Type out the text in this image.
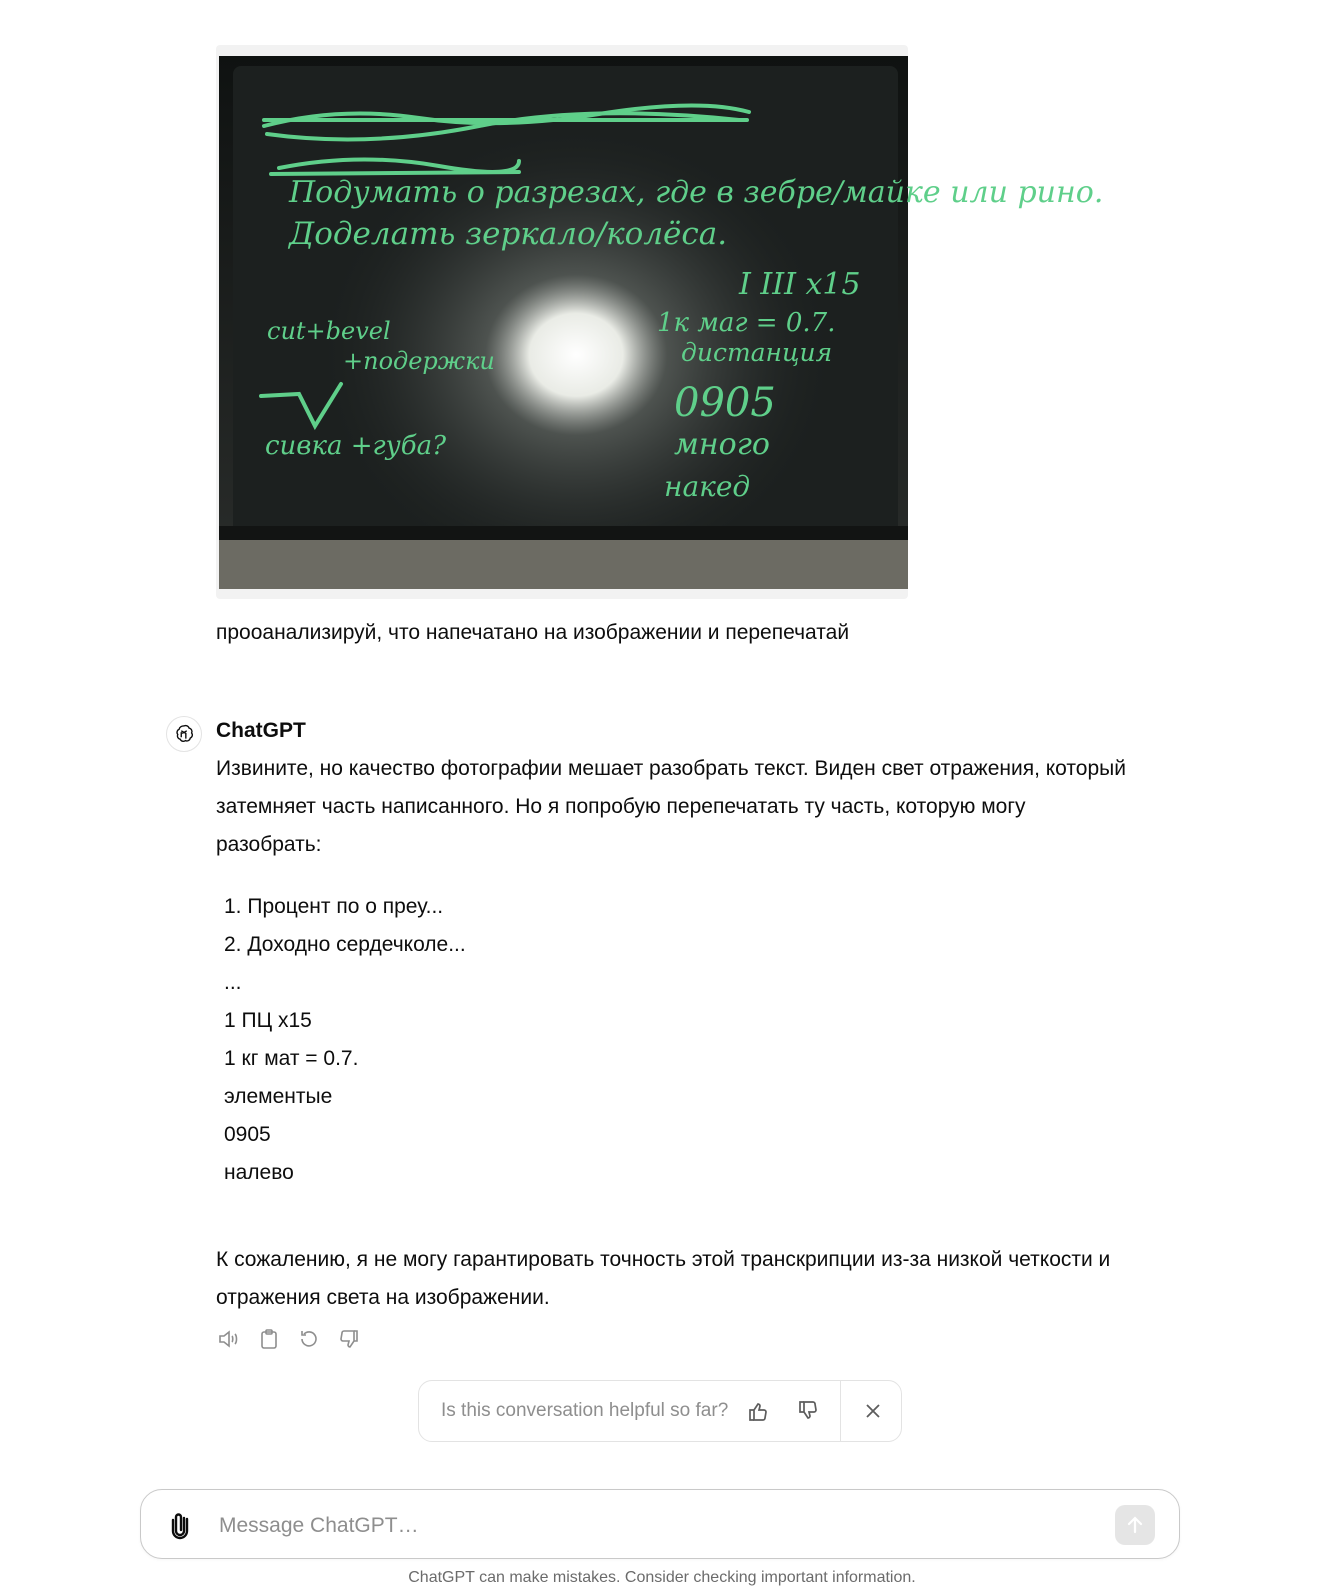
Подумать о разрезах, где в зебре/майке или рино.
Доделать зеркало/колёса.
I III x15
1к маг = 0.7.
дистанция
0905
много
накед
cut+bevel
+подержки
сивка +губа?
прооанализируй, что напечатано на изображении и перепечатай
ChatGPT
Извините, но качество фотографии мешает разобрать текст. Виден свет отражения, который затемняет часть написанного. Но я попробую перепечатать ту часть, которую могу разобрать:
1. Процент по о преу...
2. Доходно сердечколе...
...
1 ПЦ x15
1 кг мат = 0.7.
элементые
0905
налево
К сожалению, я не могу гарантировать точность этой транскрипции из-за низкой четкости и отражения света на изображении.
Is this conversation helpful so far?
Message ChatGPT…
ChatGPT can make mistakes. Consider checking important information.
